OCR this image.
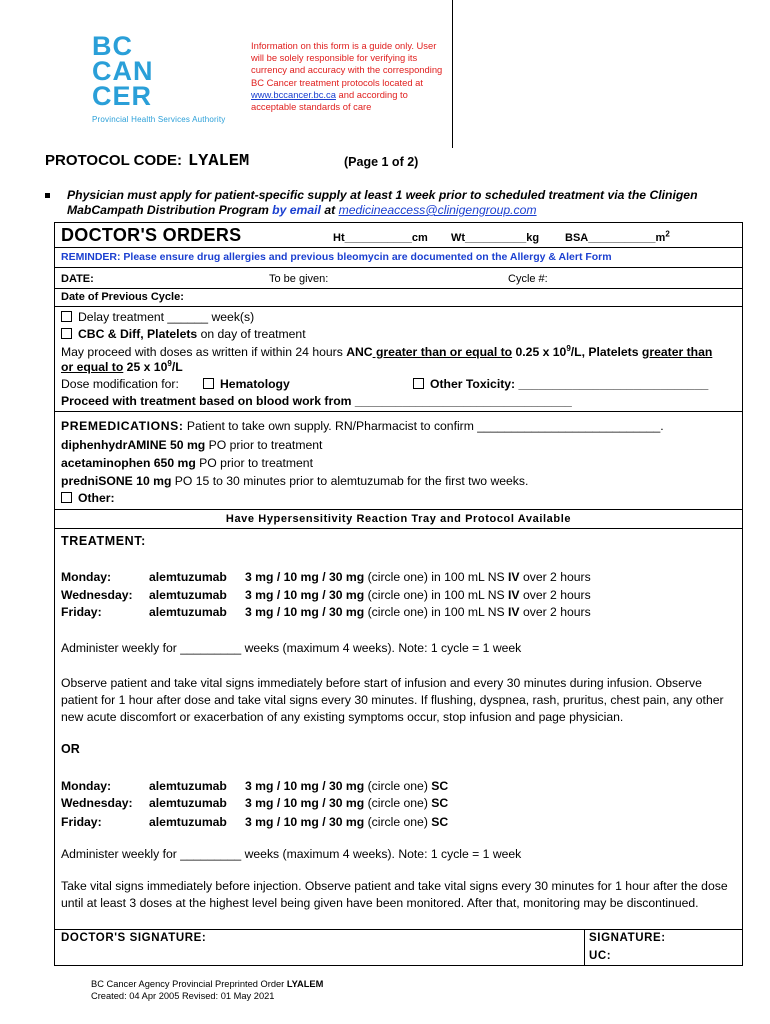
BC
CAN
CER
Provincial Health Services Authority
Information on this form is a guide only. User will be solely responsible for verifying its currency and accuracy with the corresponding BC Cancer treatment protocols located at www.bccancer.bc.ca and according to acceptable standards of care
PROTOCOL CODE: LYALEM	(Page 1 of 2)
Physician must apply for patient-specific supply at least 1 week prior to scheduled treatment via the Clinigen MabCampath Distribution Program by email at medicineaccess@clinigengroup.com
DOCTOR'S ORDERS	Ht___________cm Wt__________kg $BSA\_\_\_\_\_\_\_\_\_\_\_m^2$
REMINDER: Please ensure drug allergies and previous bleomycin are documented on the Allergy & Alert Form
DATE:	To be given:	Cycle #:
Date of Previous Cycle:
Delay treatment ______ week(s)
CBC & Diff, Platelets on day of treatment
May proceed with doses as written if within 24 hours ANC greater than or equal to 0.25 x $10^9/L$, Platelets greater than
or equal to 25 x $10^9/L$
Dose modification for:	Hematology	Other Toxicity: ____________________________
Proceed with treatment based on blood work from ________________________________
PREMEDICATIONS: Patient to take own supply. RN/Pharmacist to confirm ___________________________.
diphenhydrAMINE 50 mg PO prior to treatment
acetaminophen 650 mg PO prior to treatment
predniSONE 10 mg PO 15 to 30 minutes prior to alemtuzumab for the first two weeks.
Other:
Have Hypersensitivity Reaction Tray and Protocol Available
TREATMENT:
Monday:	alemtuzumab 3 mg / 10 mg / 30 mg (circle one) in 100 mL NS IV over 2 hours
Wednesday: alemtuzumab 3 mg / 10 mg / 30 mg (circle one) in 100 mL NS IV over 2 hours
Friday:	alemtuzumab 3 mg / 10 mg / 30 mg (circle one) in 100 mL NS IV over 2 hours
Administer weekly for _________ weeks (maximum 4 weeks). Note: 1 cycle = 1 week
Observe patient and take vital signs immediately before start of infusion and every 30 minutes during infusion. Observe patient for 1 hour after dose and take vital signs every 30 minutes. If flushing, dyspnea, rash, pruritus, chest pain, any other new acute discomfort or exacerbation of any existing symptoms occur, stop infusion and page physician.
OR
Monday:	alemtuzumab 3 mg / 10 mg / 30 mg (circle one) SC
Wednesday: alemtuzumab 3 mg / 10 mg / 30 mg (circle one) SC
Friday:	alemtuzumab 3 mg / 10 mg / 30 mg (circle one) SC
Administer weekly for _________ weeks (maximum 4 weeks). Note: 1 cycle = 1 week
Take vital signs immediately before injection. Observe patient and take vital signs every 30 minutes for 1 hour after the dose until at least 3 doses at the highest level being given have been monitored. After that, monitoring may be discontinued.
DOCTOR'S SIGNATURE:	SIGNATURE:
UC:
BC Cancer Agency Provincial Preprinted Order LYALEM
Created: 04 Apr 2005 Revised: 01 May 2021
